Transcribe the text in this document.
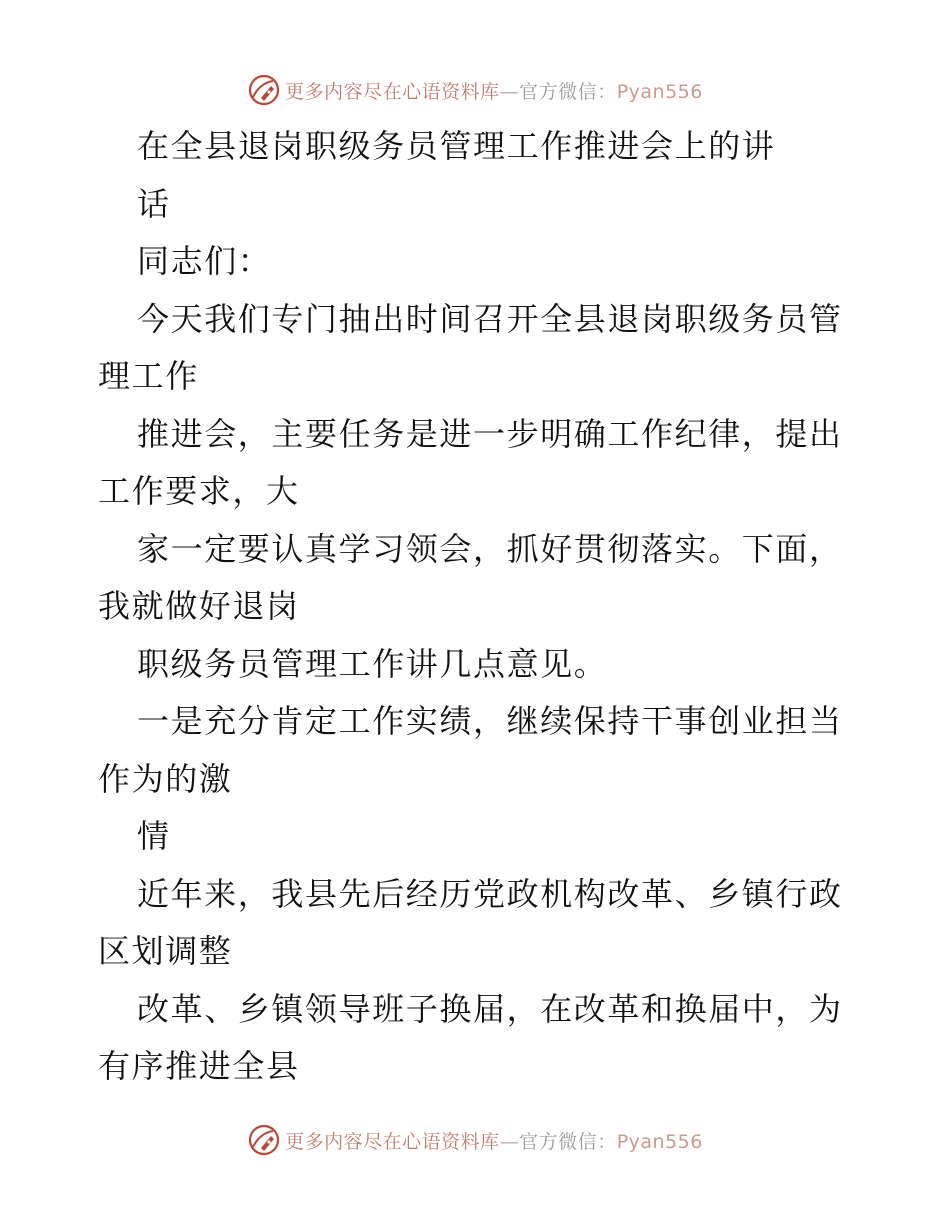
更多内容尽在心语资料库—官方微信：Pyan556
在全县退岗职级务员管理工作推进会上的讲
话
同志们：
今天我们专门抽出时间召开全县退岗职级务员管
理工作
推进会，主要任务是进一步明确工作纪律，提出
工作要求，大
家一定要认真学习领会，抓好贯彻落实。下面，
我就做好退岗
职级务员管理工作讲几点意见。
一是充分肯定工作实绩，继续保持干事创业担当
作为的激
情
近年来，我县先后经历党政机构改革、乡镇行政
区划调整
改革、乡镇领导班子换届，在改革和换届中，为
有序推进全县
更多内容尽在心语资料库—官方微信：Pyan556
